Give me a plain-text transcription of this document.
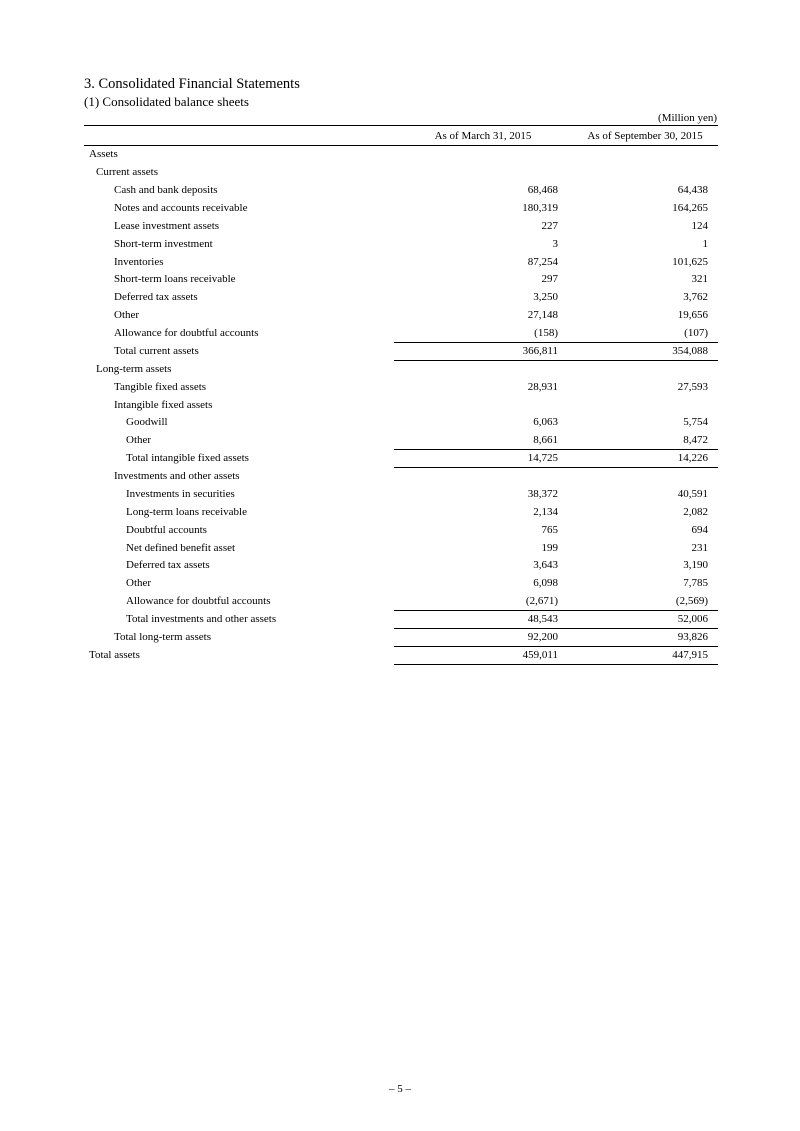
3. Consolidated Financial Statements
(1) Consolidated balance sheets
(Million yen)
	As of March 31, 2015	As of September 30, 2015
Assets		
Current assets		
Cash and bank deposits	68,468	64,438
Notes and accounts receivable	180,319	164,265
Lease investment assets	227	124
Short-term investment	3	1
Inventories	87,254	101,625
Short-term loans receivable	297	321
Deferred tax assets	3,250	3,762
Other	27,148	19,656
Allowance for doubtful accounts	(158)	(107)
Total current assets	366,811	354,088
Long-term assets		
Tangible fixed assets	28,931	27,593
Intangible fixed assets		
Goodwill	6,063	5,754
Other	8,661	8,472
Total intangible fixed assets	14,725	14,226
Investments and other assets		
Investments in securities	38,372	40,591
Long-term loans receivable	2,134	2,082
Doubtful accounts	765	694
Net defined benefit asset	199	231
Deferred tax assets	3,643	3,190
Other	6,098	7,785
Allowance for doubtful accounts	(2,671)	(2,569)
Total investments and other assets	48,543	52,006
Total long-term assets	92,200	93,826
Total assets	459,011	447,915
– 5 –
